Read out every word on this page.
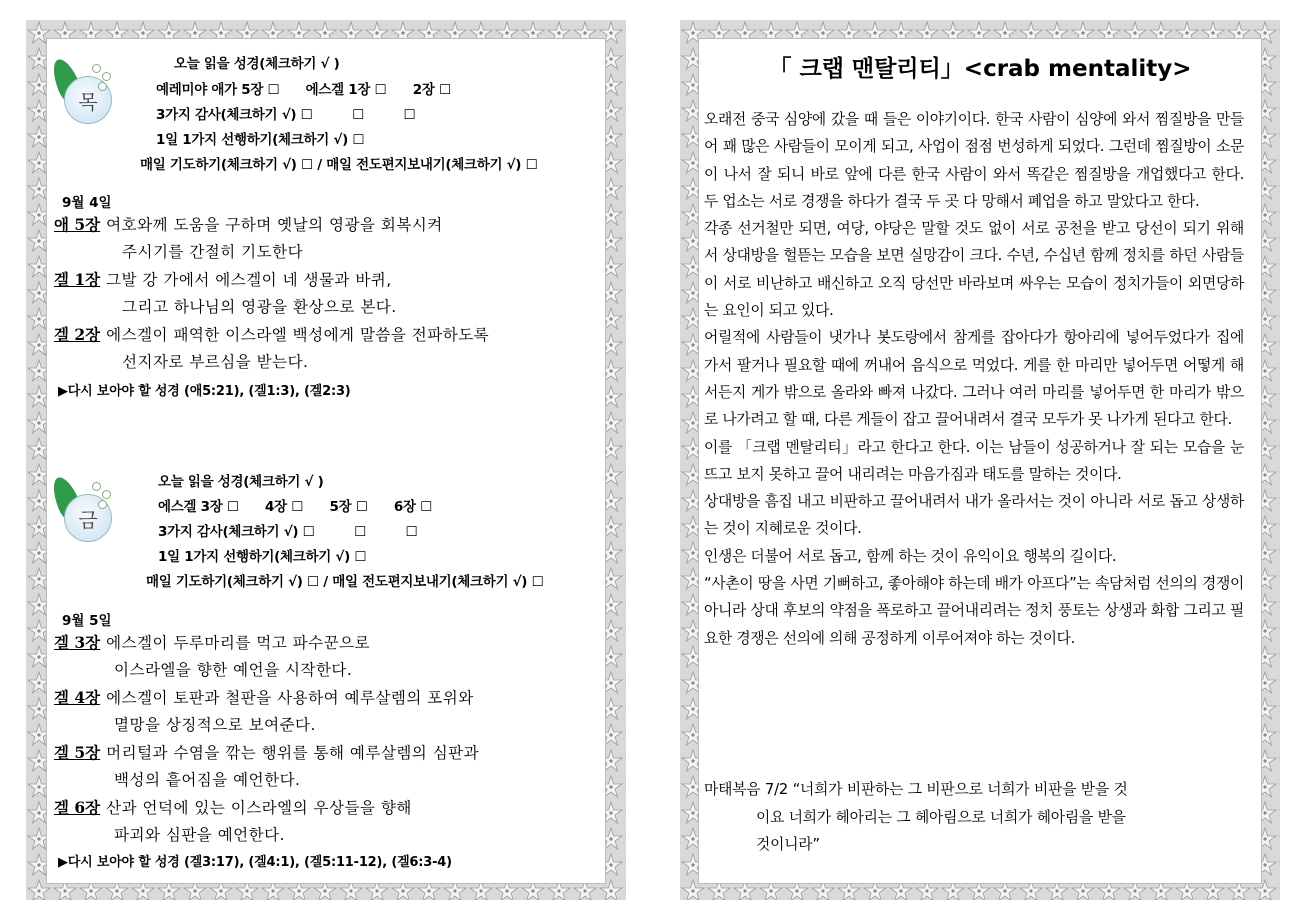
목
오늘 읽을 성경(체크하기 √ )
예레미야 애가 5장 ☐　　에스겔 1장 ☐　　2장 ☐
3가지 감사(체크하기 √) ☐　　　☐　　　☐
1일 1가지 선행하기(체크하기 √) ☐
매일 기도하기(체크하기 √) ☐ / 매일 전도편지보내기(체크하기 √) ☐
9월 4일
애 5장 여호와께 도움을 구하며 옛날의 영광을 회복시켜
주시기를 간절히 기도한다
겔 1장 그발 강 가에서 에스겔이 네 생물과 바퀴,
그리고 하나님의 영광을 환상으로 본다.
겔 2장 에스겔이 패역한 이스라엘 백성에게 말씀을 전파하도록
선지자로 부르심을 받는다.
▶다시 보아야 할 성경 (애5:21), (겔1:3), (겔2:3)
금
오늘 읽을 성경(체크하기 √ )
에스겔 3장 ☐　　4장 ☐　　5장 ☐　　6장 ☐
3가지 감사(체크하기 √) ☐　　　☐　　　☐
1일 1가지 선행하기(체크하기 √) ☐
매일 기도하기(체크하기 √) ☐ / 매일 전도편지보내기(체크하기 √) ☐
9월 5일
겔 3장 에스겔이 두루마리를 먹고 파수꾼으로
이스라엘을 향한 예언을 시작한다.
겔 4장 에스겔이 토판과 철판을 사용하여 예루살렘의 포위와
멸망을 상징적으로 보여준다.
겔 5장 머리털과 수염을 깎는 행위를 통해 예루살렘의 심판과
백성의 흩어짐을 예언한다.
겔 6장 산과 언덕에 있는 이스라엘의 우상들을 향해
파괴와 심판을 예언한다.
▶다시 보아야 할 성경 (겔3:17), (겔4:1), (겔5:11-12), (겔6:3-4)
「 크랩 맨탈리티」<crab mentality>

오래전 중국 심양에 갔을 때 들은 이야기이다. 한국 사람이 심양에 와서 찜질방을 만들어 꽤 많은 사람들이 모이게 되고, 사업이 점점 번성하게 되었다. 그런데 찜질방이 소문이 나서 잘 되니 바로 앞에 다른 한국 사람이 와서 똑같은 찜질방을 개업했다고 한다. 두 업소는 서로 경쟁을 하다가 결국 두 곳 다 망해서 폐업을 하고 말았다고 한다.

각종 선거철만 되면, 여당, 야당은 말할 것도 없이 서로 공천을 받고 당선이 되기 위해서 상대방을 헐뜯는 모습을 보면 실망감이 크다. 수년, 수십년 함께 정치를 하던 사람들이 서로 비난하고 배신하고 오직 당선만 바라보며 싸우는 모습이 정치가들이 외면당하는 요인이 되고 있다.

어릴적에 사람들이 냇가나 봇도랑에서 참게를 잡아다가 항아리에 넣어두었다가 집에 가서 팔거나 필요할 때에 꺼내어 음식으로 먹었다. 게를 한 마리만 넣어두면 어떻게 해서든지 게가 밖으로 올라와 빠져 나갔다. 그러나 여러 마리를 넣어두면 한 마리가 밖으로 나가려고 할 때, 다른 게들이 잡고 끌어내려서 결국 모두가 못 나가게 된다고 한다.

이를 「크랩 멘탈리티」라고 한다고 한다. 이는 남들이 성공하거나 잘 되는 모습을 눈 뜨고 보지 못하고 끌어 내리려는 마음가짐과 태도를 말하는 것이다.

상대방을 흠집 내고 비판하고 끌어내려서 내가 올라서는 것이 아니라 서로 돕고 상생하는 것이 지혜로운 것이다.

인생은 더불어 서로 돕고, 함께 하는 것이 유익이요 행복의 길이다.

“사촌이 땅을 사면 기뻐하고, 좋아해야 하는데 배가 아프다”는 속담처럼 선의의 경쟁이 아니라 상대 후보의 약점을 폭로하고 끌어내리려는 정치 풍토는 상생과 화합 그리고 필요한 경쟁은 선의에 의해 공정하게 이루어져야 하는 것이다.

마태복음 7/2 “너희가 비판하는 그 비판으로 너희가 비판을 받을 것
이요 너희가 헤아리는 그 헤아림으로 너희가 헤아림을 받을
것이니라”
